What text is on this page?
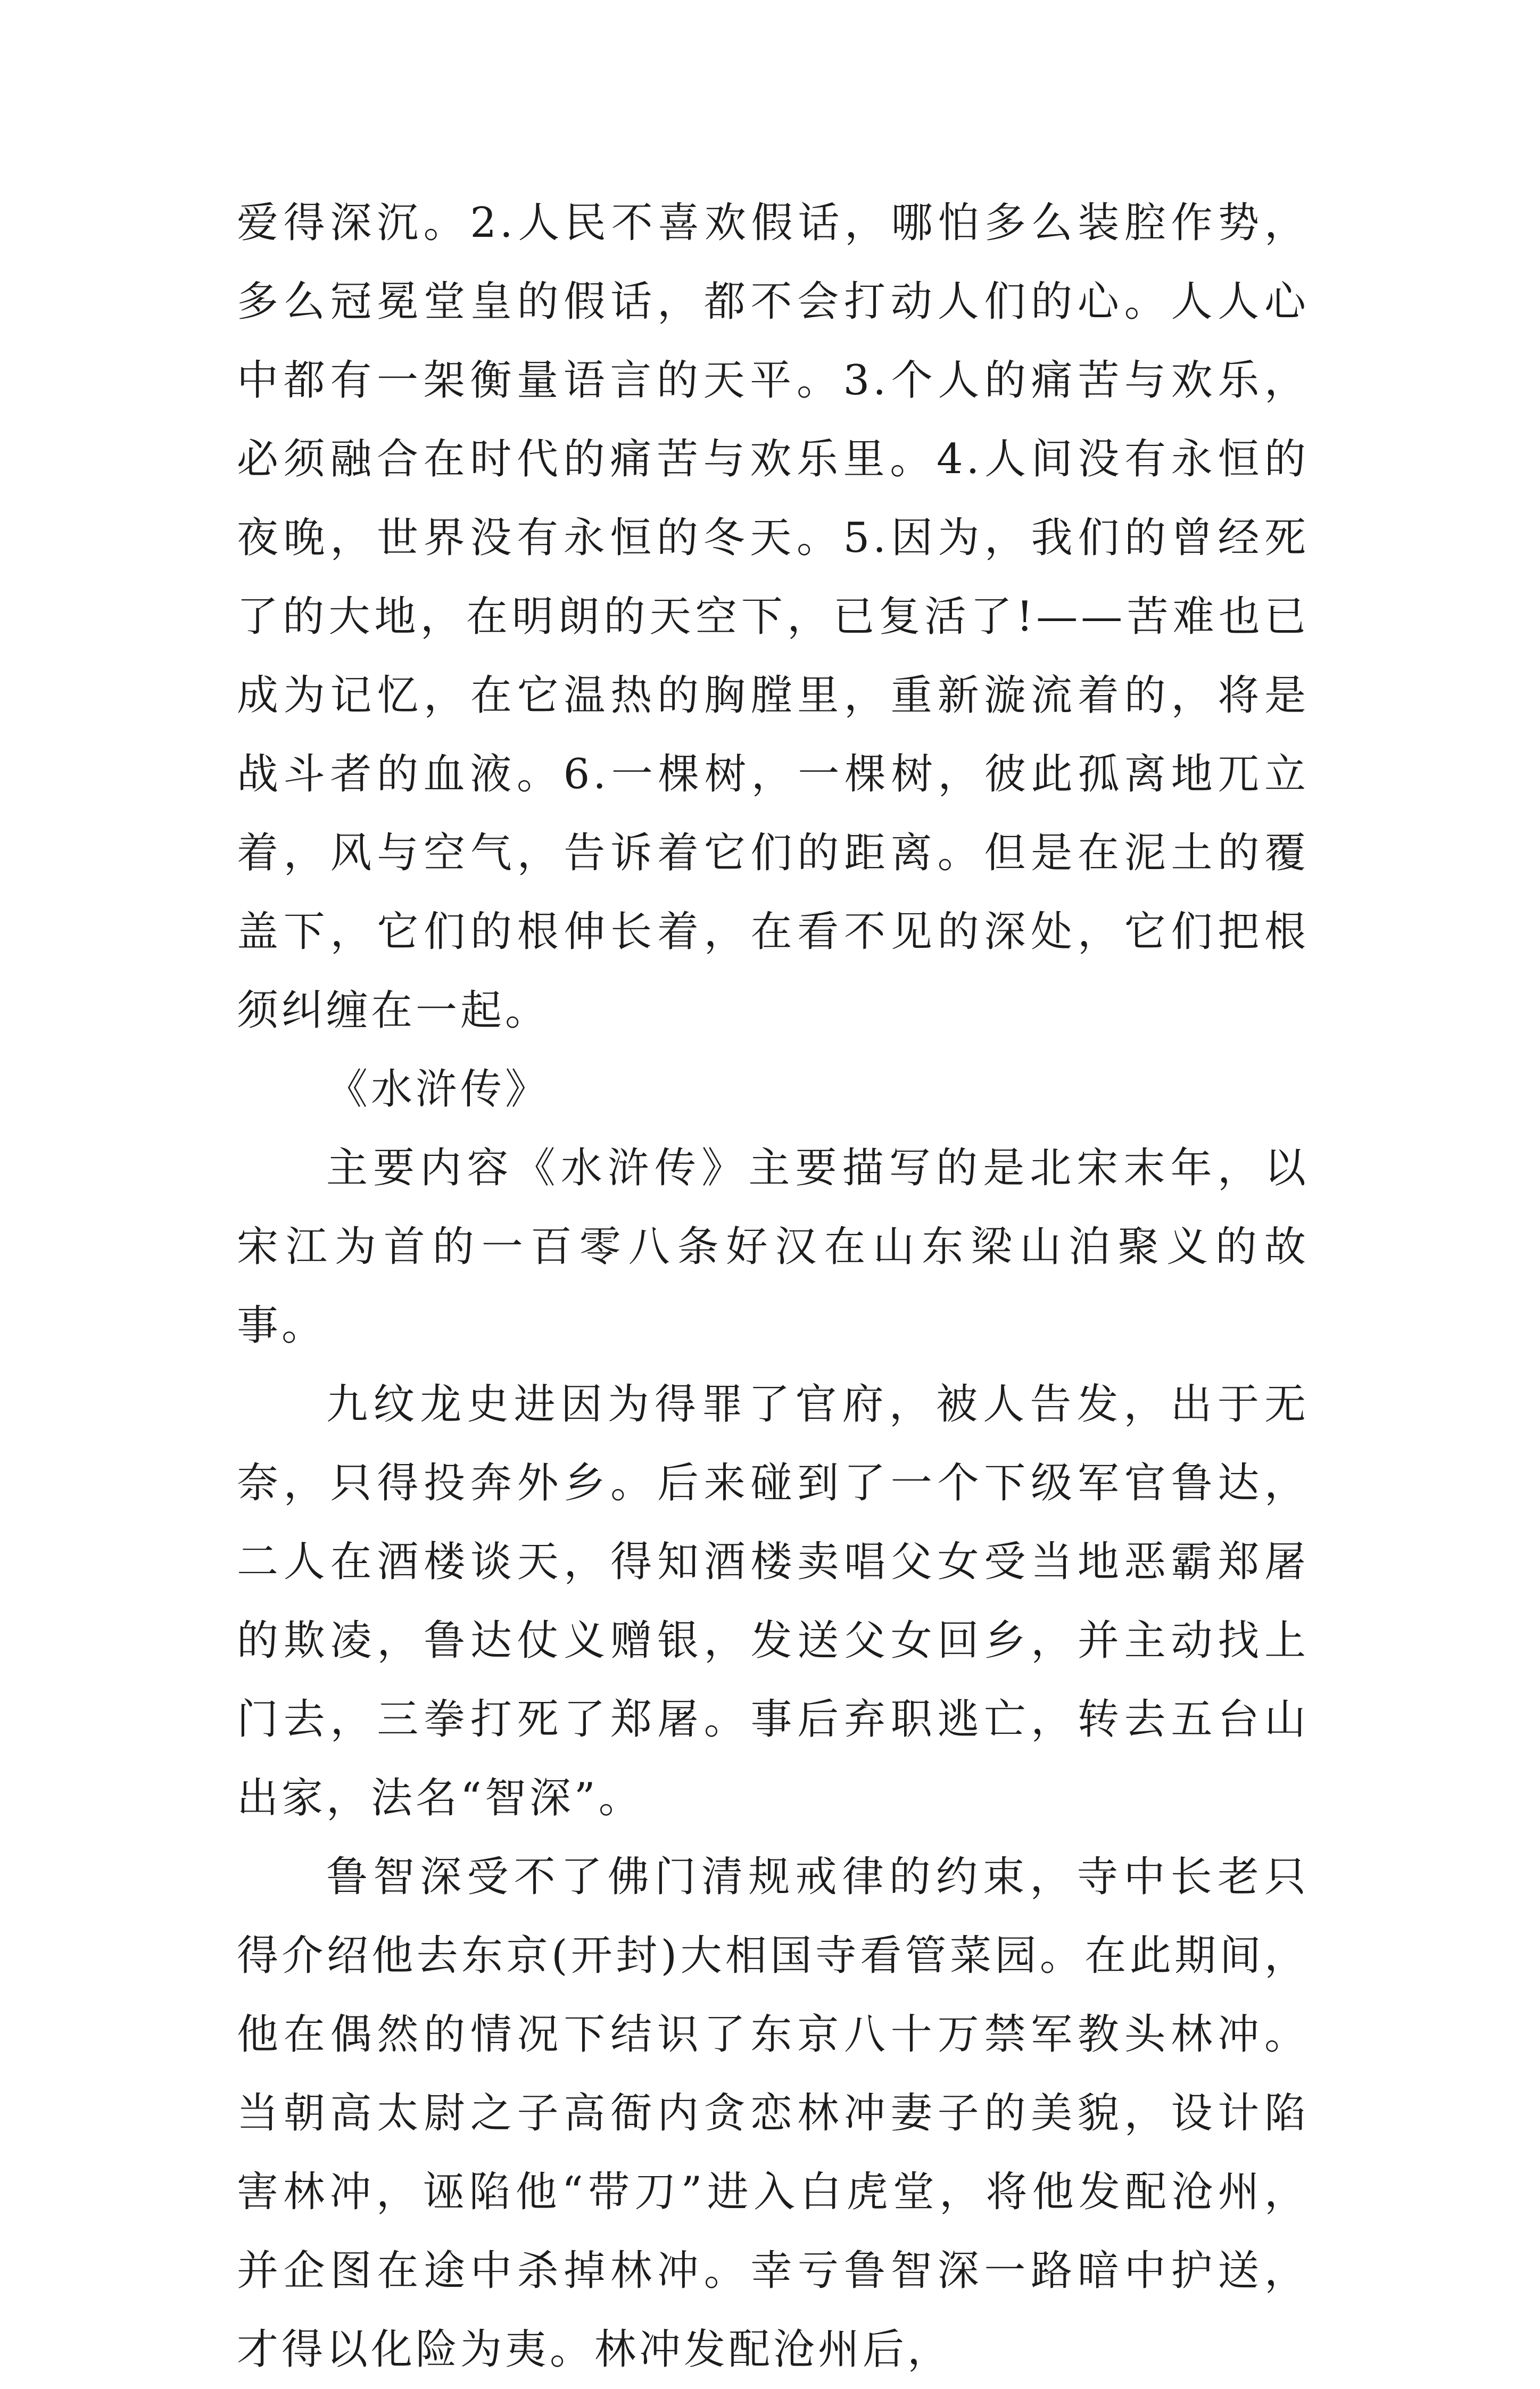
爱得深沉。2.人民不喜欢假话，哪怕多么装腔作势，多么冠冕堂皇的假话，都不会打动人们的心。人人心中都有一架衡量语言的天平。3.个人的痛苦与欢乐，必须融合在时代的痛苦与欢乐里。4.人间没有永恒的夜晚，世界没有永恒的冬天。5.因为，我们的曾经死了的大地，在明朗的天空下，已复活了!——苦难也已成为记忆，在它温热的胸膛里，重新漩流着的，将是战斗者的血液。6.一棵树，一棵树，彼此孤离地兀立着，风与空气，告诉着它们的距离。但是在泥土的覆盖下，它们的根伸长着，在看不见的深处，它们把根须纠缠在一起。

《水浒传》

主要内容《水浒传》主要描写的是北宋末年，以宋江为首的一百零八条好汉在山东梁山泊聚义的故事。

九纹龙史进因为得罪了官府，被人告发，出于无奈，只得投奔外乡。后来碰到了一个下级军官鲁达，二人在酒楼谈天，得知酒楼卖唱父女受当地恶霸郑屠的欺凌，鲁达仗义赠银，发送父女回乡，并主动找上门去，三拳打死了郑屠。事后弃职逃亡，转去五台山出家，法名“智深”。

鲁智深受不了佛门清规戒律的约束，寺中长老只得介绍他去东京(开封)大相国寺看管菜园。在此期间，他在偶然的情况下结识了东京八十万禁军教头林冲。当朝高太尉之子高衙内贪恋林冲妻子的美貌，设计陷害林冲，诬陷他“带刀”进入白虎堂，将他发配沧州，并企图在途中杀掉林冲。幸亏鲁智深一路暗中护送，才得以化险为夷。林冲发配沧州后，
